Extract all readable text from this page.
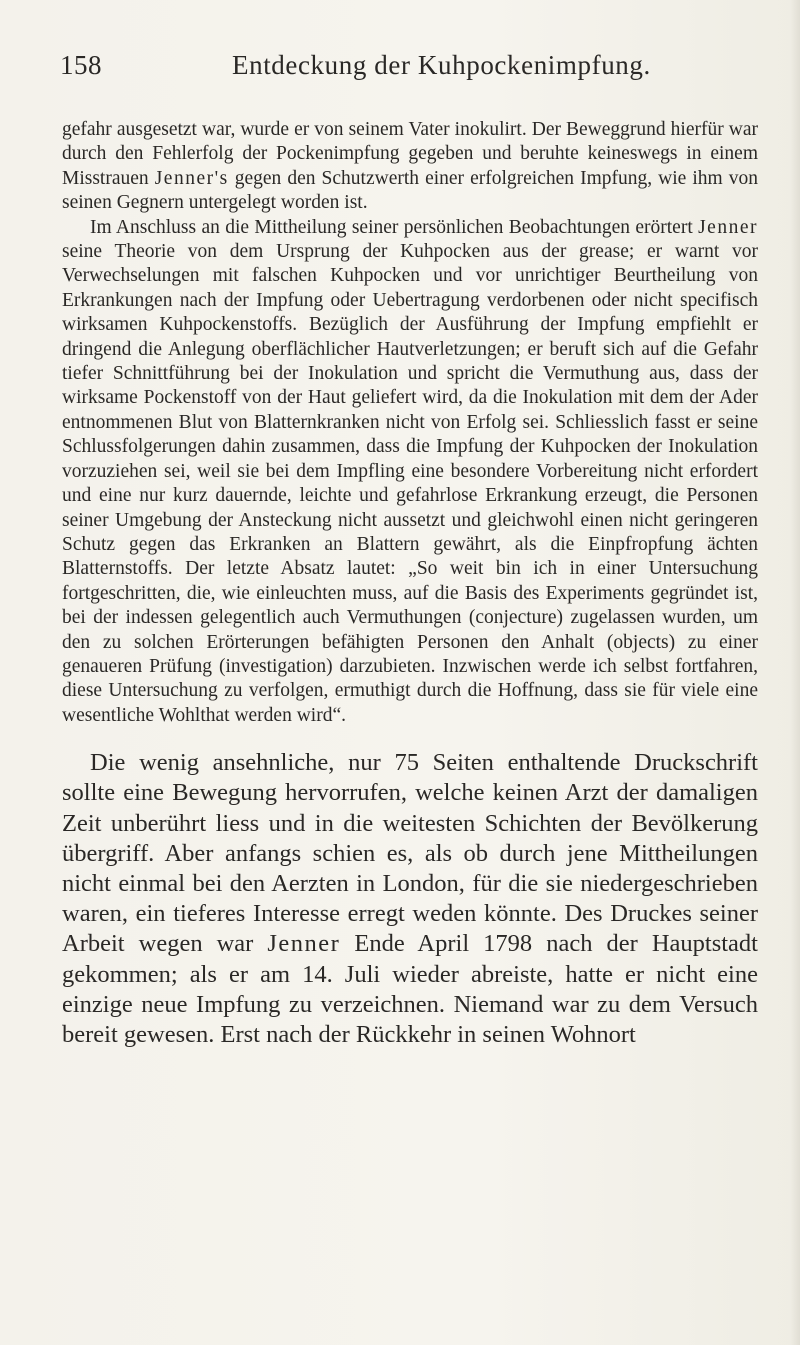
158	Entdeckung der Kuhpockenimpfung.

gefahr ausgesetzt war, wurde er von seinem Vater inokulirt. Der Beweggrund hierfür war durch den Fehlerfolg der Pockenimpfung gegeben und beruhte keineswegs in einem Misstrauen Jenner's gegen den Schutzwerth einer erfolgreichen Impfung, wie ihm von seinen Gegnern untergelegt worden ist.

Im Anschluss an die Mittheilung seiner persönlichen Beobachtungen erörtert Jenner seine Theorie von dem Ursprung der Kuhpocken aus der grease; er warnt vor Verwechselungen mit falschen Kuhpocken und vor unrichtiger Beurtheilung von Erkrankungen nach der Impfung oder Uebertragung verdorbenen oder nicht specifisch wirksamen Kuhpockenstoffs. Bezüglich der Ausführung der Impfung empfiehlt er dringend die Anlegung oberflächlicher Hautverletzungen; er beruft sich auf die Gefahr tiefer Schnittführung bei der Inokulation und spricht die Vermuthung aus, dass der wirksame Pockenstoff von der Haut geliefert wird, da die Inokulation mit dem der Ader entnommenen Blut von Blatternkranken nicht von Erfolg sei. Schliesslich fasst er seine Schlussfolgerungen dahin zusammen, dass die Impfung der Kuhpocken der Inokulation vorzuziehen sei, weil sie bei dem Impfling eine besondere Vorbereitung nicht erfordert und eine nur kurz dauernde, leichte und gefahrlose Erkrankung erzeugt, die Personen seiner Umgebung der Ansteckung nicht aussetzt und gleichwohl einen nicht geringeren Schutz gegen das Erkranken an Blattern gewährt, als die Einpfropfung ächten Blatternstoffs. Der letzte Absatz lautet: „So weit bin ich in einer Untersuchung fortgeschritten, die, wie einleuchten muss, auf die Basis des Experiments gegründet ist, bei der indessen gelegentlich auch Vermuthungen (conjecture) zugelassen wurden, um den zu solchen Erörterungen befähigten Personen den Anhalt (objects) zu einer genaueren Prüfung (investigation) darzubieten. Inzwischen werde ich selbst fortfahren, diese Untersuchung zu verfolgen, ermuthigt durch die Hoffnung, dass sie für viele eine wesentliche Wohlthat werden wird“.

Die wenig ansehnliche, nur 75 Seiten enthaltende Druckschrift sollte eine Bewegung hervorrufen, welche keinen Arzt der damaligen Zeit unberührt liess und in die weitesten Schichten der Bevölkerung übergriff. Aber anfangs schien es, als ob durch jene Mittheilungen nicht einmal bei den Aerzten in London, für die sie niedergeschrieben waren, ein tieferes Interesse erregt weden könnte. Des Druckes seiner Arbeit wegen war Jenner Ende April 1798 nach der Hauptstadt gekommen; als er am 14. Juli wieder abreiste, hatte er nicht eine einzige neue Impfung zu verzeichnen. Niemand war zu dem Versuch bereit gewesen. Erst nach der Rückkehr in seinen Wohnort
